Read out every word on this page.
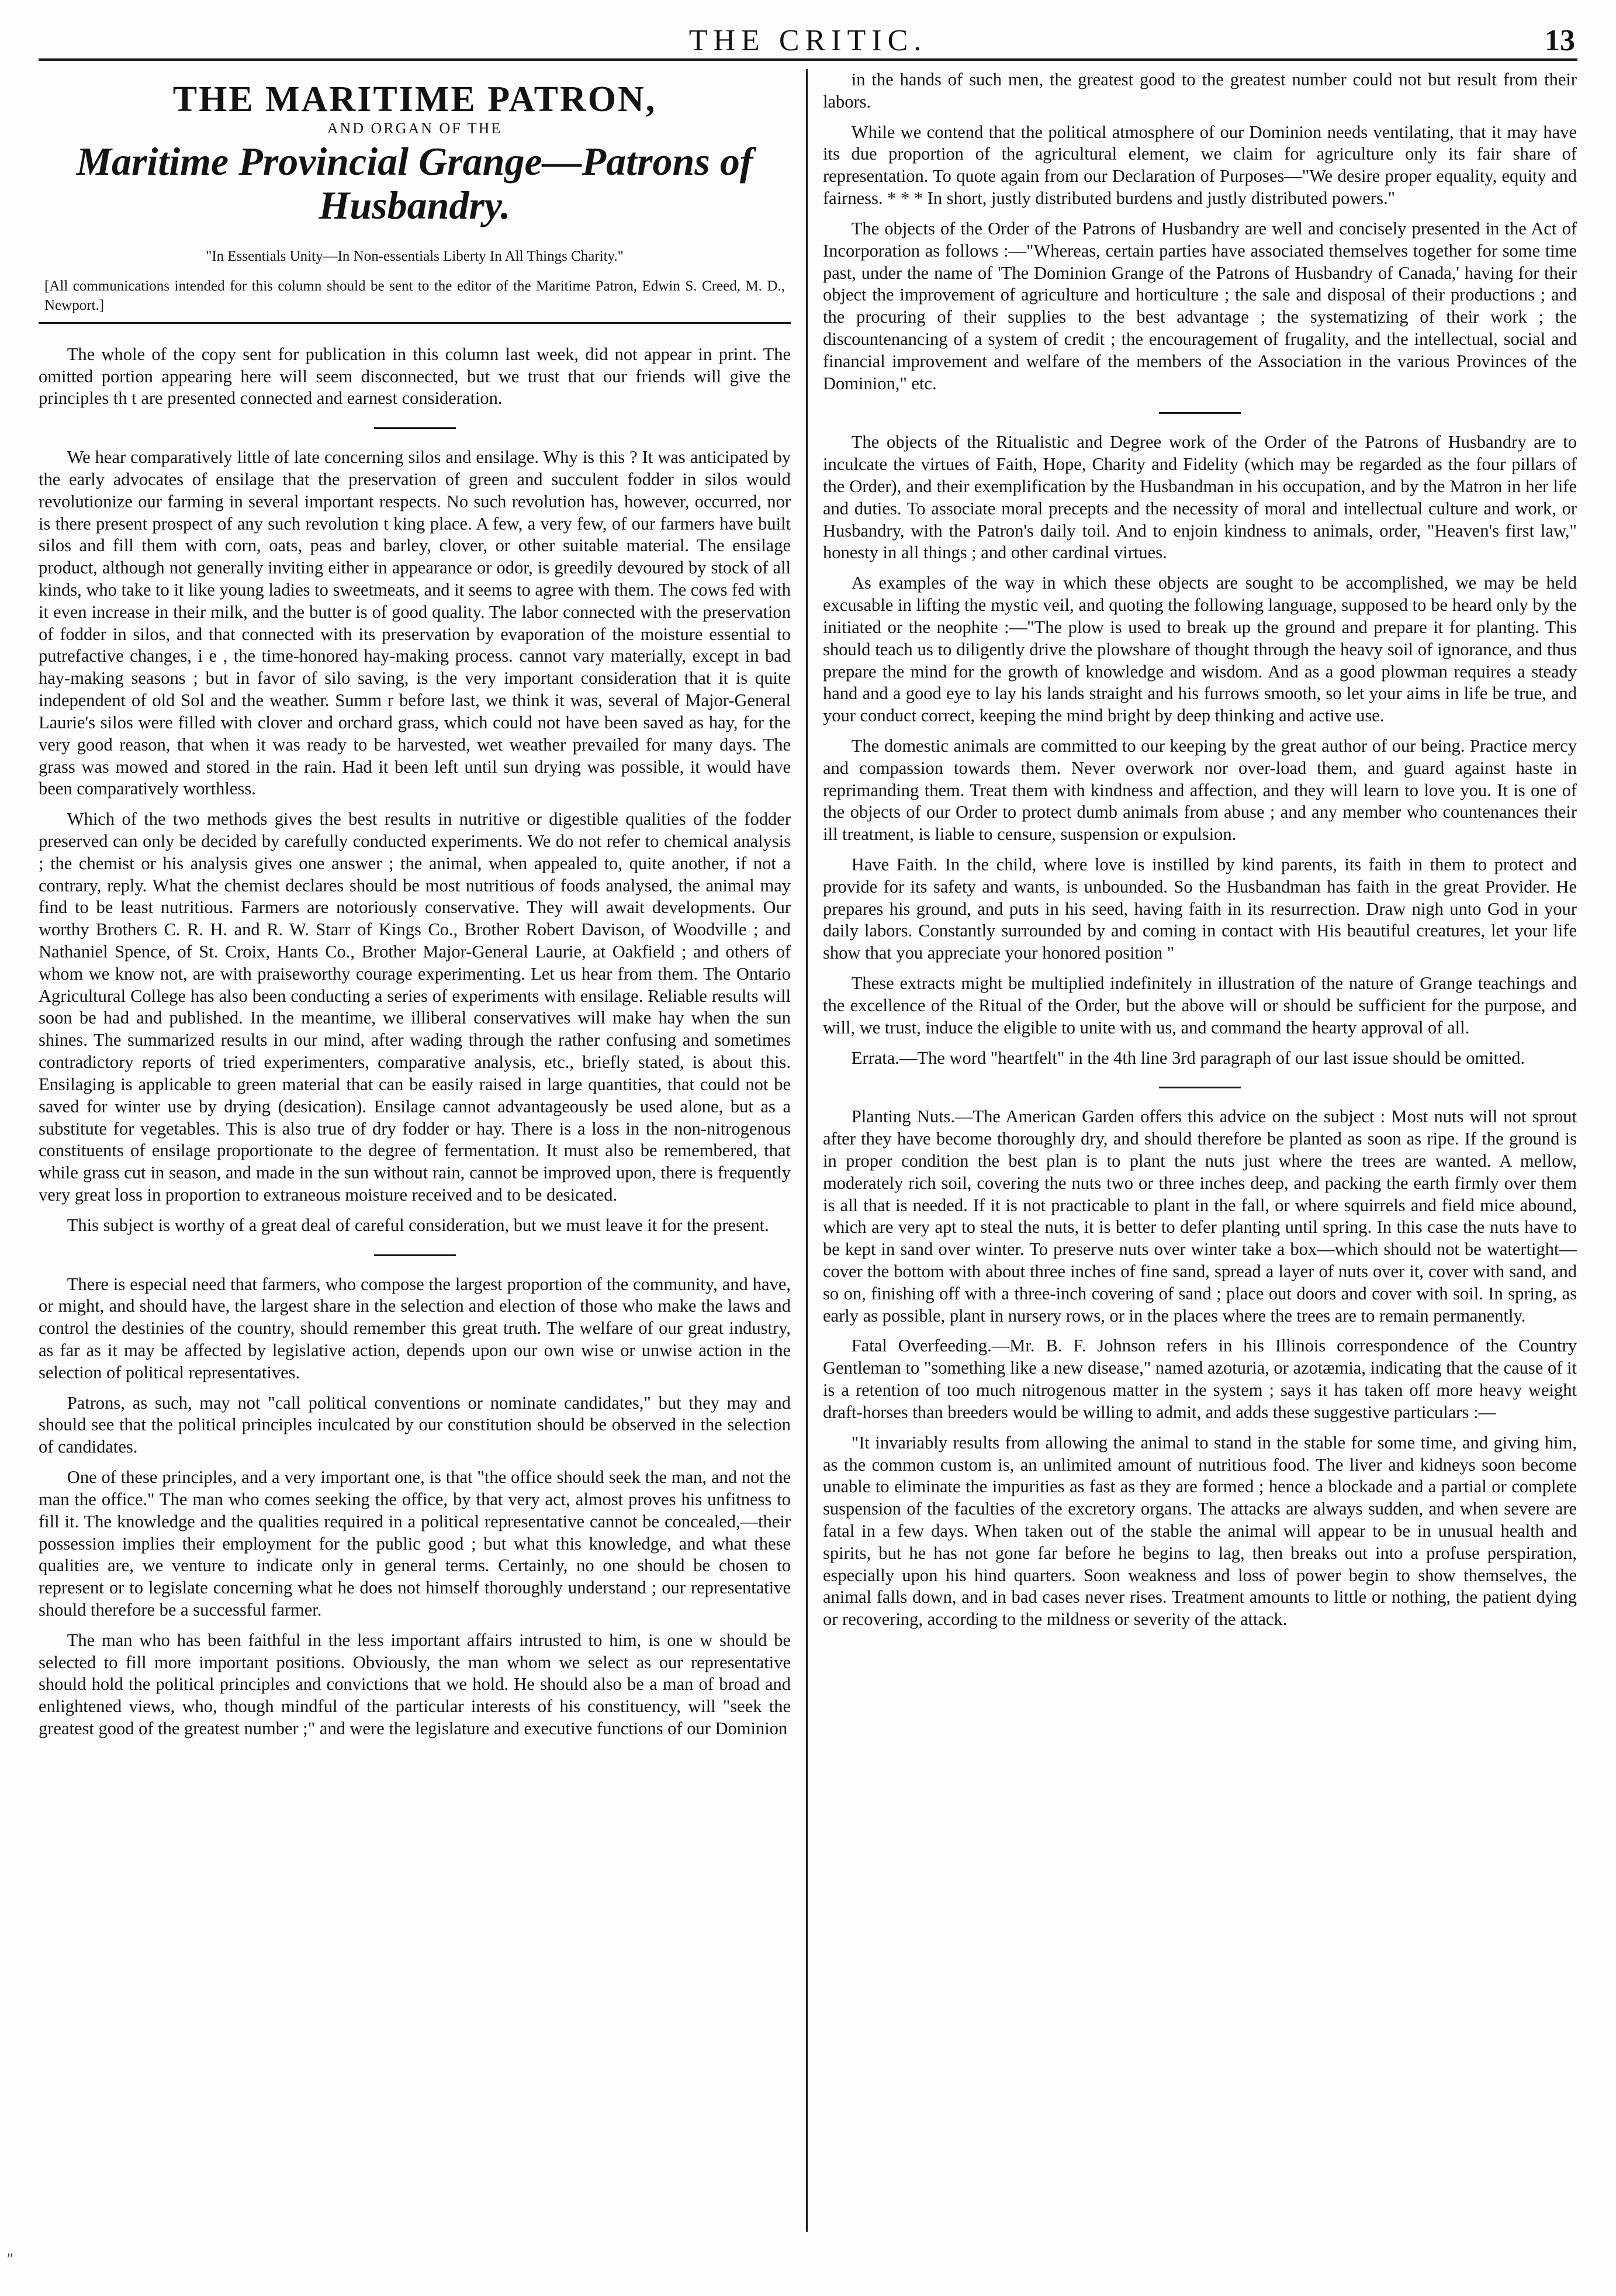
THE CRITIC.	13
THE MARITIME PATRON,
AND ORGAN OF THE
Maritime Provincial Grange—Patrons of Husbandry.
"In Essentials Unity—In Non-essentials Liberty In All Things Charity."
[All communications intended for this column should be sent to the editor of the Maritime Patron, Edwin S. Creed, M. D., Newport.]

The whole of the copy sent for publication in this column last week, did not appear in print. The omitted portion appearing here will seem disconnected, but we trust that our friends will give the principles th t are presented connected and earnest consideration.

We hear comparatively little of late concerning silos and ensilage. Why is this ? It was anticipated by the early advocates of ensilage that the preservation of green and succulent fodder in silos would revolutionize our farming in several important respects. No such revolution has, however, occurred, nor is there present prospect of any such revolution t king place. A few, a very few, of our farmers have built silos and fill them with corn, oats, peas and barley, clover, or other suitable material. The ensilage product, although not generally inviting either in appearance or odor, is greedily devoured by stock of all kinds, who take to it like young ladies to sweetmeats, and it seems to agree with them. The cows fed with it even increase in their milk, and the butter is of good quality. The labor connected with the preservation of fodder in silos, and that connected with its preservation by evaporation of the moisture essential to putrefactive changes, i e , the time-honored hay-making process. cannot vary materially, except in bad hay-making seasons ; but in favor of silo saving, is the very important consideration that it is quite independent of old Sol and the weather. Summ r before last, we think it was, several of Major-General Laurie's silos were filled with clover and orchard grass, which could not have been saved as hay, for the very good reason, that when it was ready to be harvested, wet weather prevailed for many days. The grass was mowed and stored in the rain. Had it been left until sun drying was possible, it would have been comparatively worthless.

Which of the two methods gives the best results in nutritive or digestible qualities of the fodder preserved can only be decided by carefully conducted experiments. We do not refer to chemical analysis ; the chemist or his analysis gives one answer ; the animal, when appealed to, quite another, if not a contrary, reply. What the chemist declares should be most nutritious of foods analysed, the animal may find to be least nutritious. Farmers are notoriously conservative. They will await developments. Our worthy Brothers C. R. H. and R. W. Starr of Kings Co., Brother Robert Davison, of Woodville ; and Nathaniel Spence, of St. Croix, Hants Co., Brother Major-General Laurie, at Oakfield ; and others of whom we know not, are with praiseworthy courage experimenting. Let us hear from them. The Ontario Agricultural College has also been conducting a series of experiments with ensilage. Reliable results will soon be had and published. In the meantime, we illiberal conservatives will make hay when the sun shines. The summarized results in our mind, after wading through the rather confusing and sometimes contradictory reports of tried experimenters, comparative analysis, etc., briefly stated, is about this. Ensilaging is applicable to green material that can be easily raised in large quantities, that could not be saved for winter use by drying (desication). Ensilage cannot advantageously be used alone, but as a substitute for vegetables. This is also true of dry fodder or hay. There is a loss in the non-nitrogenous constituents of ensilage proportionate to the degree of fermentation. It must also be remembered, that while grass cut in season, and made in the sun without rain, cannot be improved upon, there is frequently very great loss in proportion to extraneous moisture received and to be desicated.

This subject is worthy of a great deal of careful consideration, but we must leave it for the present.

There is especial need that farmers, who compose the largest proportion of the community, and have, or might, and should have, the largest share in the selection and election of those who make the laws and control the destinies of the country, should remember this great truth. The welfare of our great industry, as far as it may be affected by legislative action, depends upon our own wise or unwise action in the selection of political representatives.

Patrons, as such, may not "call political conventions or nominate candidates," but they may and should see that the political principles inculcated by our constitution should be observed in the selection of candidates.

One of these principles, and a very important one, is that "the office should seek the man, and not the man the office." The man who comes seeking the office, by that very act, almost proves his unfitness to fill it. The knowledge and the qualities required in a political representative cannot be concealed,—their possession implies their employment for the public good ; but what this knowledge, and what these qualities are, we venture to indicate only in general terms. Certainly, no one should be chosen to represent or to legislate concerning what he does not himself thoroughly understand ; our representative should therefore be a successful farmer.

The man who has been faithful in the less important affairs intrusted to him, is one w should be selected to fill more important positions. Obviously, the man whom we select as our representative should hold the political principles and convictions that we hold. He should also be a man of broad and enlightened views, who, though mindful of the particular interests of his constituency, will "seek the greatest good of the greatest number ;" and were the legislature and executive functions of our Dominion

in the hands of such men, the greatest good to the greatest number could not but result from their labors.

While we contend that the political atmosphere of our Dominion needs ventilating, that it may have its due proportion of the agricultural element, we claim for agriculture only its fair share of representation. To quote again from our Declaration of Purposes—"We desire proper equality, equity and fairness. * * * In short, justly distributed burdens and justly distributed powers."

The objects of the Order of the Patrons of Husbandry are well and concisely presented in the Act of Incorporation as follows :—"Whereas, certain parties have associated themselves together for some time past, under the name of 'The Dominion Grange of the Patrons of Husbandry of Canada,' having for their object the improvement of agriculture and horticulture ; the sale and disposal of their productions ; and the procuring of their supplies to the best advantage ; the systematizing of their work ; the discountenancing of a system of credit ; the encouragement of frugality, and the intellectual, social and financial improvement and welfare of the members of the Association in the various Provinces of the Dominion," etc.

The objects of the Ritualistic and Degree work of the Order of the Patrons of Husbandry are to inculcate the virtues of Faith, Hope, Charity and Fidelity (which may be regarded as the four pillars of the Order), and their exemplification by the Husbandman in his occupation, and by the Matron in her life and duties. To associate moral precepts and the necessity of moral and intellectual culture and work, or Husbandry, with the Patron's daily toil. And to enjoin kindness to animals, order, "Heaven's first law," honesty in all things ; and other cardinal virtues.

As examples of the way in which these objects are sought to be accomplished, we may be held excusable in lifting the mystic veil, and quoting the following language, supposed to be heard only by the initiated or the neophite :—"The plow is used to break up the ground and prepare it for planting. This should teach us to diligently drive the plowshare of thought through the heavy soil of ignorance, and thus prepare the mind for the growth of knowledge and wisdom. And as a good plowman requires a steady hand and a good eye to lay his lands straight and his furrows smooth, so let your aims in life be true, and your conduct correct, keeping the mind bright by deep thinking and active use.

The domestic animals are committed to our keeping by the great author of our being. Practice mercy and compassion towards them. Never overwork nor over-load them, and guard against haste in reprimanding them. Treat them with kindness and affection, and they will learn to love you. It is one of the objects of our Order to protect dumb animals from abuse ; and any member who countenances their ill treatment, is liable to censure, suspension or expulsion.

Have Faith. In the child, where love is instilled by kind parents, its faith in them to protect and provide for its safety and wants, is unbounded. So the Husbandman has faith in the great Provider. He prepares his ground, and puts in his seed, having faith in its resurrection. Draw nigh unto God in your daily labors. Constantly surrounded by and coming in contact with His beautiful creatures, let your life show that you appreciate your honored position "

These extracts might be multiplied indefinitely in illustration of the nature of Grange teachings and the excellence of the Ritual of the Order, but the above will or should be sufficient for the purpose, and will, we trust, induce the eligible to unite with us, and command the hearty approval of all.

Errata.—The word "heartfelt" in the 4th line 3rd paragraph of our last issue should be omitted.

Planting Nuts.—The American Garden offers this advice on the subject : Most nuts will not sprout after they have become thoroughly dry, and should therefore be planted as soon as ripe. If the ground is in proper condition the best plan is to plant the nuts just where the trees are wanted. A mellow, moderately rich soil, covering the nuts two or three inches deep, and packing the earth firmly over them is all that is needed. If it is not practicable to plant in the fall, or where squirrels and field mice abound, which are very apt to steal the nuts, it is better to defer planting until spring. In this case the nuts have to be kept in sand over winter. To preserve nuts over winter take a box—which should not be watertight—cover the bottom with about three inches of fine sand, spread a layer of nuts over it, cover with sand, and so on, finishing off with a three-inch covering of sand ; place out doors and cover with soil. In spring, as early as possible, plant in nursery rows, or in the places where the trees are to remain permanently.

Fatal Overfeeding.—Mr. B. F. Johnson refers in his Illinois correspondence of the Country Gentleman to "something like a new disease," named azoturia, or azotæmia, indicating that the cause of it is a retention of too much nitrogenous matter in the system ; says it has taken off more heavy weight draft-horses than breeders would be willing to admit, and adds these suggestive particulars :—

"It invariably results from allowing the animal to stand in the stable for some time, and giving him, as the common custom is, an unlimited amount of nutritious food. The liver and kidneys soon become unable to eliminate the impurities as fast as they are formed ; hence a blockade and a partial or complete suspension of the faculties of the excretory organs. The attacks are always sudden, and when severe are fatal in a few days. When taken out of the stable the animal will appear to be in unusual health and spirits, but he has not gone far before he begins to lag, then breaks out into a profuse perspiration, especially upon his hind quarters. Soon weakness and loss of power begin to show themselves, the animal falls down, and in bad cases never rises. Treatment amounts to little or nothing, the patient dying or recovering, according to the mildness or severity of the attack.

″
